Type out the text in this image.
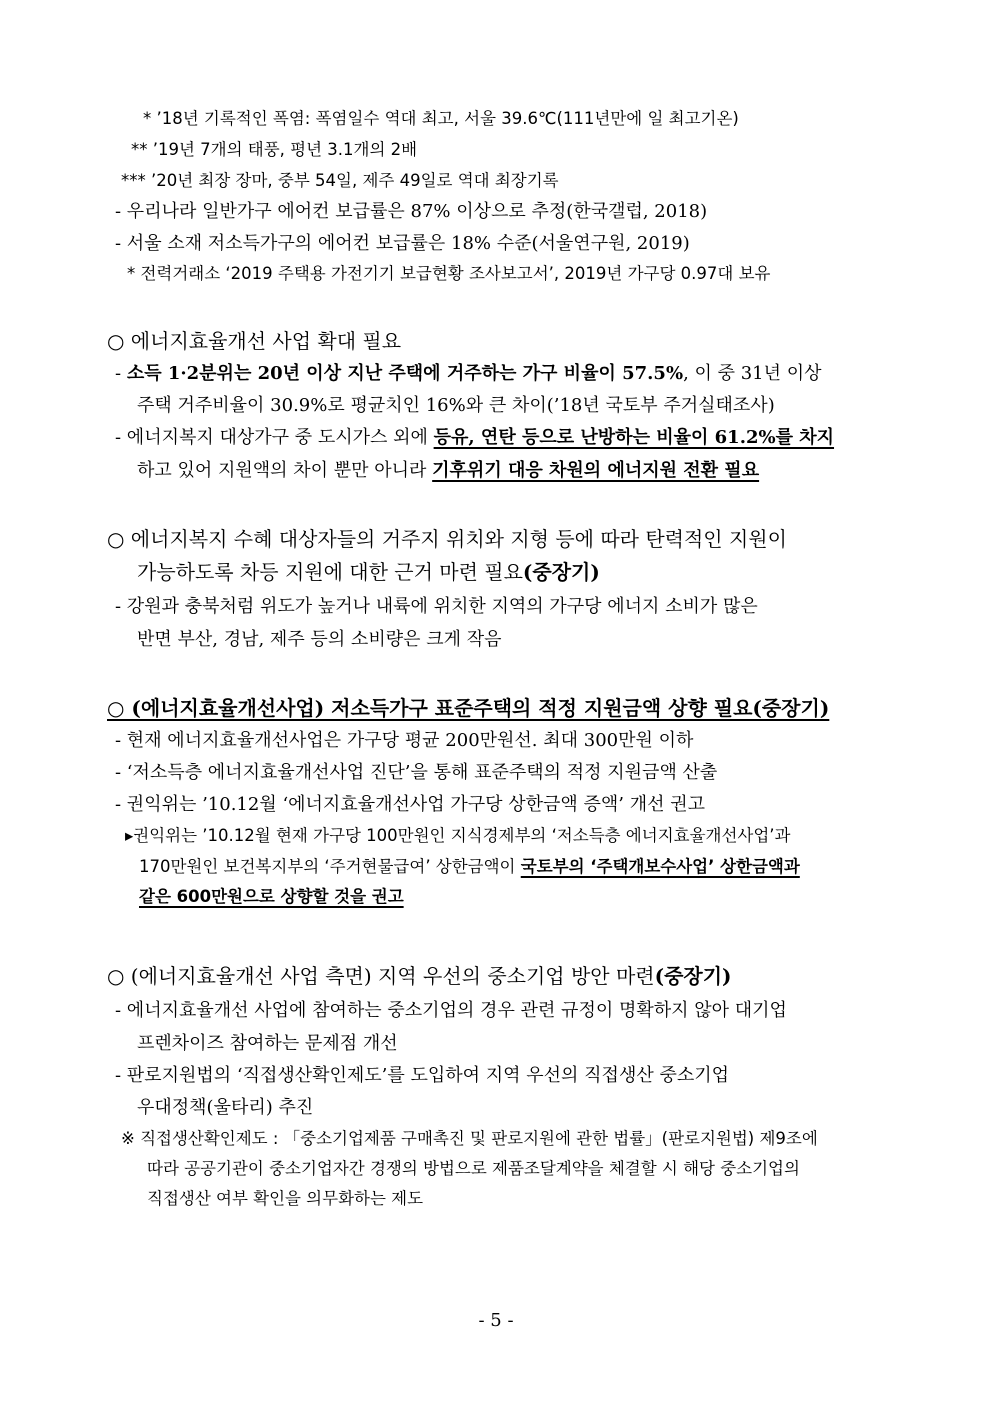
* ’18년 기록적인 폭염: 폭염일수 역대 최고, 서울 39.6℃(111년만에 일 최고기온)
** ’19년 7개의 태풍, 평년 3.1개의 2배
*** ’20년 최장 장마, 중부 54일, 제주 49일로 역대 최장기록
- 우리나라 일반가구 에어컨 보급률은 87% 이상으로 추정(한국갤럽, 2018)
- 서울 소재 저소득가구의 에어컨 보급률은 18% 수준(서울연구원, 2019)
* 전력거래소 ‘2019 주택용 가전기기 보급현황 조사보고서’, 2019년 가구당 0.97대 보유
○ 에너지효율개선 사업 확대 필요
- 소득 1·2분위는 20년 이상 지난 주택에 거주하는 가구 비율이 57.5%, 이 중 31년 이상
주택 거주비율이 30.9%로 평균치인 16%와 큰 차이(’18년 국토부 주거실태조사)
- 에너지복지 대상가구 중 도시가스 외에 등유, 연탄 등으로 난방하는 비율이 61.2%를 차지
하고 있어 지원액의 차이 뿐만 아니라 기후위기 대응 차원의 에너지원 전환 필요
○ 에너지복지 수혜 대상자들의 거주지 위치와 지형 등에 따라 탄력적인 지원이
가능하도록 차등 지원에 대한 근거 마련 필요(중장기)
- 강원과 충북처럼 위도가 높거나 내륙에 위치한 지역의 가구당 에너지 소비가 많은
반면 부산, 경남, 제주 등의 소비량은 크게 작음
○ (에너지효율개선사업) 저소득가구 표준주택의 적정 지원금액 상향 필요(중장기)
- 현재 에너지효율개선사업은 가구당 평균 200만원선. 최대 300만원 이하
- ‘저소득층 에너지효율개선사업 진단’을 통해 표준주택의 적정 지원금액 산출
- 권익위는 ’10.12월 ‘에너지효율개선사업 가구당 상한금액 증액’ 개선 권고
▸권익위는 ’10.12월 현재 가구당 100만원인 지식경제부의 ‘저소득층 에너지효율개선사업’과
170만원인 보건복지부의 ‘주거현물급여’ 상한금액이 국토부의 ‘주택개보수사업’ 상한금액과
같은 600만원으로 상향할 것을 권고
○ (에너지효율개선 사업 측면) 지역 우선의 중소기업 방안 마련(중장기)
- 에너지효율개선 사업에 참여하는 중소기업의 경우 관련 규정이 명확하지 않아 대기업
프렌차이즈 참여하는 문제점 개선
- 판로지원법의 ‘직접생산확인제도’를 도입하여 지역 우선의 직접생산 중소기업
우대정책(울타리) 추진
※ 직접생산확인제도 : 「중소기업제품 구매촉진 및 판로지원에 관한 법률」(판로지원법) 제9조에
따라 공공기관이 중소기업자간 경쟁의 방법으로 제품조달계약을 체결할 시 해당 중소기업의
직접생산 여부 확인을 의무화하는 제도
- 5 -
